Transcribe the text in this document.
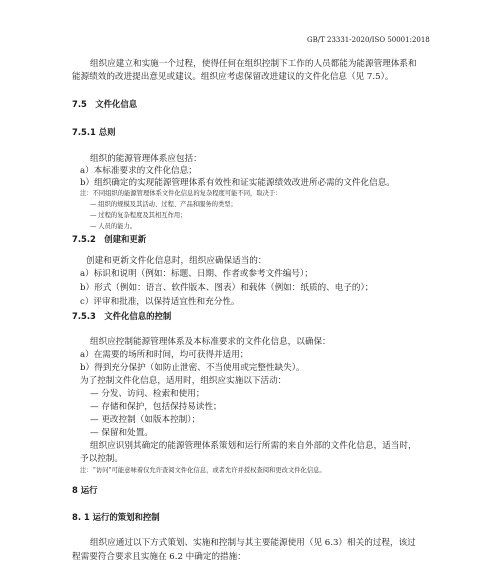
GB/T 23331-2020/ISO 50001:2018
组织应建立和实施一个过程，使得任何在组织控制下工作的人员都能为能源管理体系和
能源绩效的改进提出意见或建议。组织应考虑保留改进建议的文件化信息（见 7.5）。
7.5　文件化信息
7.5.1 总则
组织的能源管理体系应包括：
a）本标准要求的文件化信息；
b）组织确定的实现能源管理体系有效性和证实能源绩效改进所必需的文件化信息。
注：不同组织的能源管理体系文件化信息的复杂程度可能不同，取决于：
— 组织的规模及其活动、过程、产品和服务的类型；
— 过程的复杂程度及其相互作用；
— 人员的能力。
7.5.2　创建和更新
创建和更新文件化信息时，组织应确保适当的：
a）标识和说明（例如：标题、日期、作者或参考文件编号）；
b）形式（例如：语言、软件版本、图表）和载体（例如：纸质的、电子的）；
c）评审和批准，以保持适宜性和充分性。
7.5.3　文件化信息的控制
组织应控制能源管理体系及本标准要求的文件化信息，以确保：
a）在需要的场所和时间，均可获得并适用；
b）得到充分保护（如防止泄密、不当使用或完整性缺失）。
为了控制文件化信息，适用时，组织应实施以下活动：
— 分发、访问、检索和使用；
— 存储和保护，包括保持易读性；
— 更改控制（如版本控制）；
— 保留和处置。
组织应识别其确定的能源管理体系策划和运行所需的来自外部的文件化信息，适当时，
予以控制。
注：“访问”可能意味着仅允许查阅文件化信息，或者允许并授权查阅和更改文件化信息。
8 运行
8. 1 运行的策划和控制
组织应通过以下方式策划、实施和控制与其主要能源使用（见 6.3）相关的过程，该过
程需要符合要求且实施在 6.2 中确定的措施：
